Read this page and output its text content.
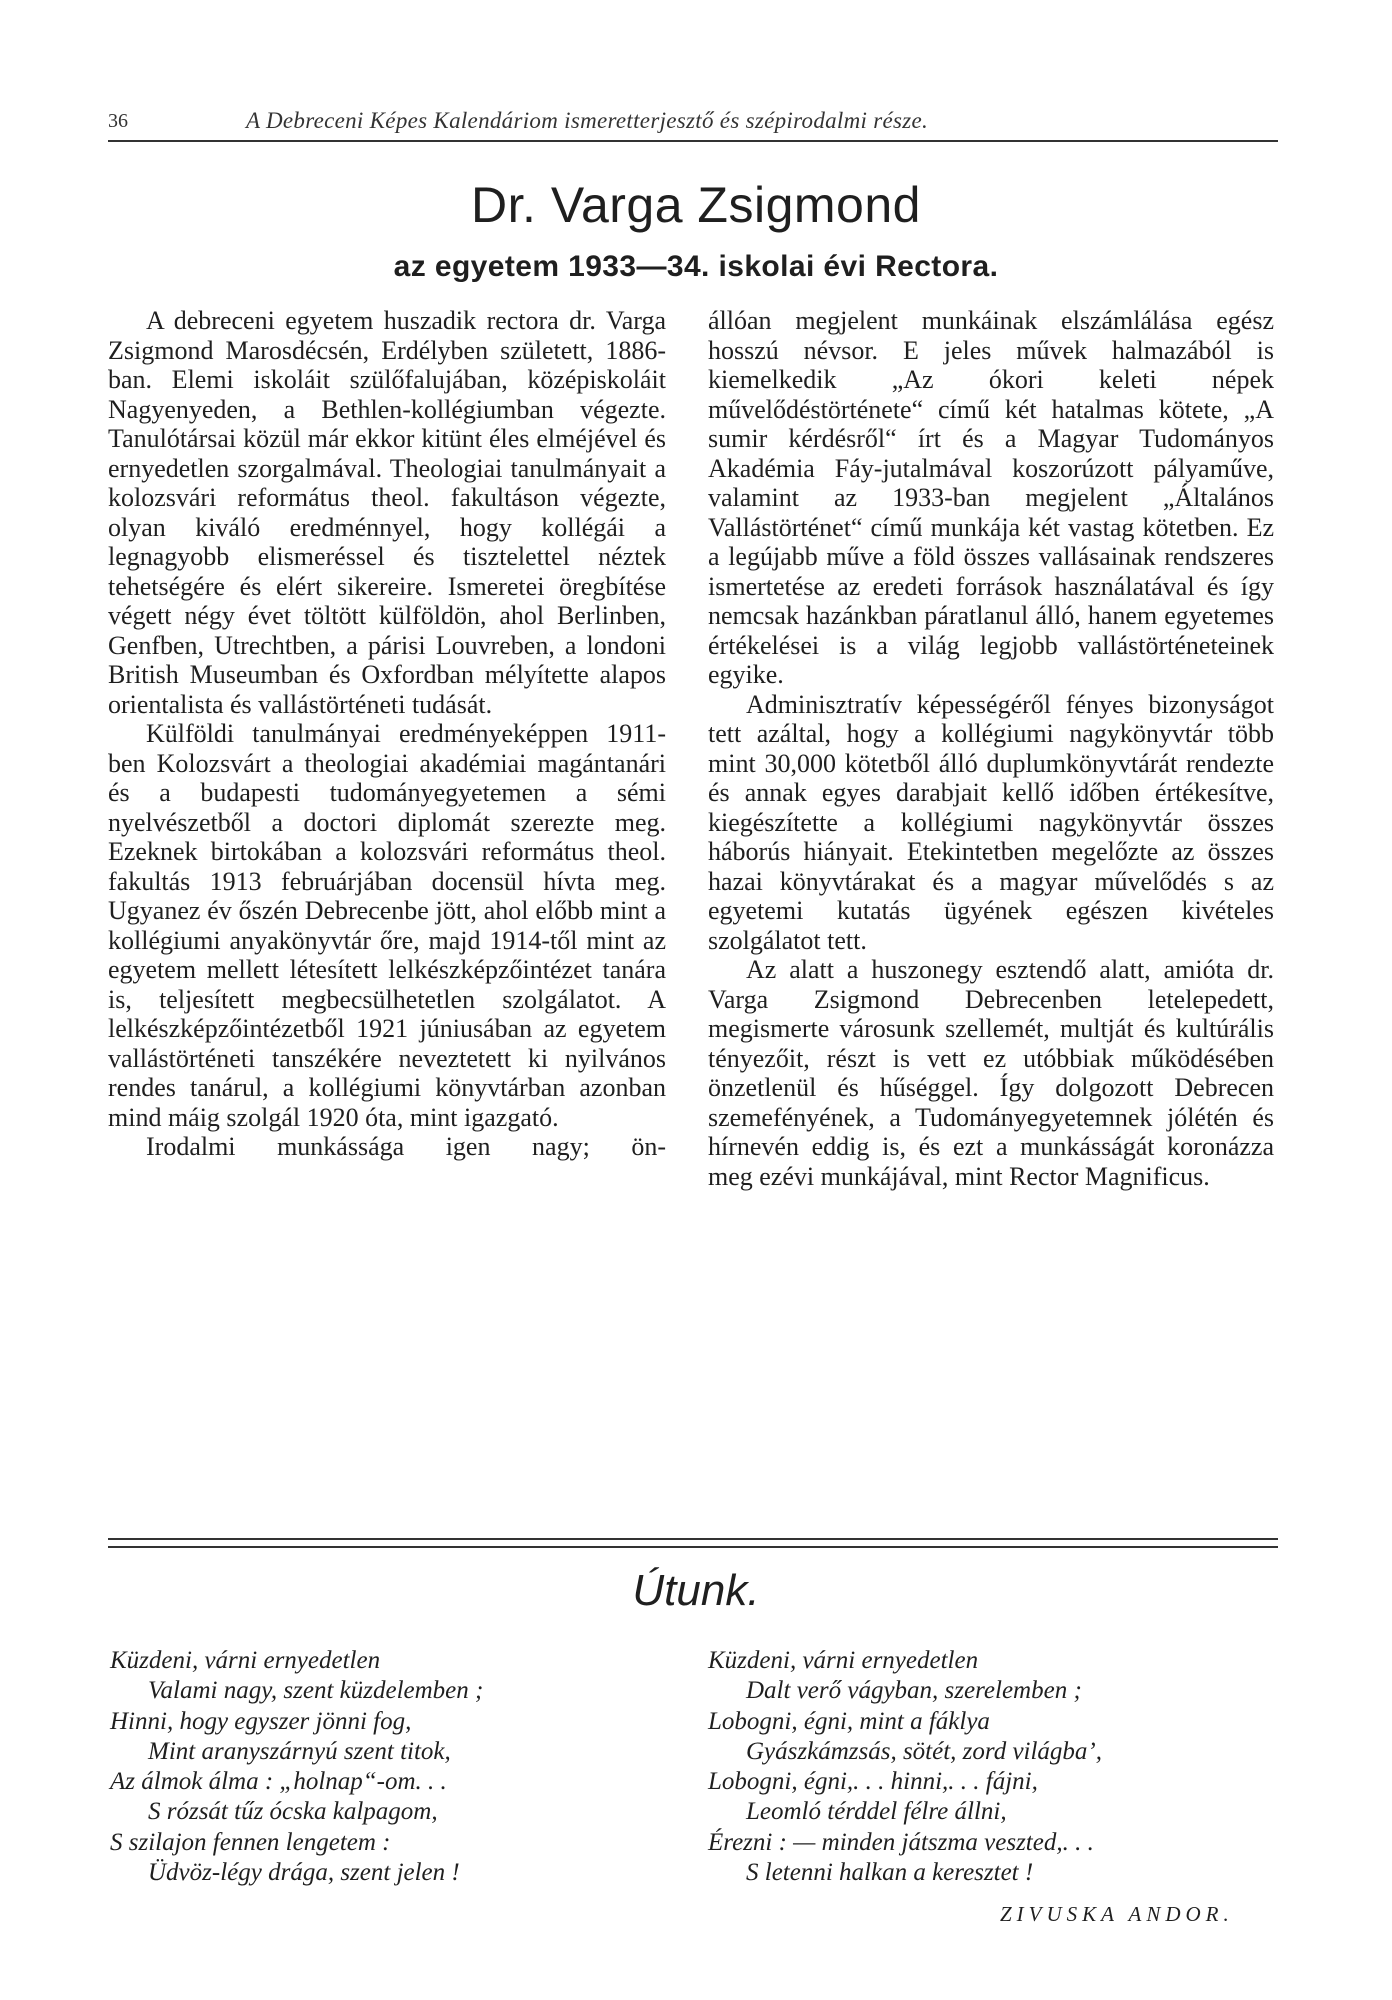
36	A Debreceni Képes Kalendáriom ismeretterjesztő és szépirodalmi része.
Dr. Varga Zsigmond
az egyetem 1933—34. iskolai évi Rectora.

A debreceni egyetem huszadik rectora dr. Varga Zsigmond Marosdécsén, Erdélyben született, 1886-ban. Elemi iskoláit szülőfalujában, középiskoláit Nagyenyeden, a Bethlen-kollégiumban végezte. Tanulótársai közül már ekkor kitünt éles elméjével és ernyedetlen szorgalmával. Theologiai tanulmányait a kolozsvári református theol. fakultáson végezte, olyan kiváló eredménnyel, hogy kollégái a legnagyobb elismeréssel és tisztelettel néztek tehetségére és elért sikereire. Ismeretei öregbítése végett négy évet töltött külföldön, ahol Berlinben, Genfben, Utrechtben, a párisi Louvreben, a londoni British Museumban és Oxfordban mélyítette alapos orientalista és vallástörténeti tudását.

Külföldi tanulmányai eredményeképpen 1911-ben Kolozsvárt a theologiai akadémiai magántanári és a budapesti tudományegyetemen a sémi nyelvészetből a doctori diplomát szerezte meg. Ezeknek birtokában a kolozsvári református theol. fakultás 1913 februárjában docensül hívta meg. Ugyanez év őszén Debrecenbe jött, ahol előbb mint a kollégiumi anyakönyvtár őre, majd 1914-től mint az egyetem mellett létesített lelkészképzőintézet tanára is, teljesített megbecsülhetetlen szolgálatot. A lelkészképzőintézetből 1921 júniusában az egyetem vallástörténeti tanszékére neveztetett ki nyilvános rendes tanárul, a kollégiumi könyvtárban azonban mind máig szolgál 1920 óta, mint igazgató.

Irodalmi munkássága igen nagy; ön-

állóan megjelent munkáinak elszámlálása egész hosszú névsor. E jeles művek halmazából is kiemelkedik „Az ókori keleti népek művelődéstörténete“ című két hatalmas kötete, „A sumir kérdésről“ írt és a Magyar Tudományos Akadémia Fáy-jutalmával koszorúzott pályaműve, valamint az 1933-ban megjelent „Általános Vallástörténet“ című munkája két vastag kötetben. Ez a legújabb műve a föld összes vallásainak rendszeres ismertetése az eredeti források használatával és így nemcsak hazánkban páratlanul álló, hanem egyetemes értékelései is a világ legjobb vallástörténeteinek egyike.

Adminisztratív képességéről fényes bizonyságot tett azáltal, hogy a kollégiumi nagykönyvtár több mint 30,000 kötetből álló duplumkönyvtárát rendezte és annak egyes darabjait kellő időben értékesítve, kiegészítette a kollégiumi nagykönyvtár összes háborús hiányait. Etekintetben megelőzte az összes hazai könyvtárakat és a magyar művelődés s az egyetemi kutatás ügyének egészen kivételes szolgálatot tett.

Az alatt a huszonegy esztendő alatt, amióta dr. Varga Zsigmond Debrecenben letelepedett, megismerte városunk szellemét, multját és kultúrális tényezőit, részt is vett ez utóbbiak működésében önzetlenül és hűséggel. Így dolgozott Debrecen szemefényének, a Tudományegyetemnek jólétén és hírnevén eddig is, és ezt a munkásságát koronázza meg ezévi munkájával, mint Rector Magnificus.

Útunk.
Küzdeni, várni ernyedetlen
Valami nagy, szent küzdelemben ;
Hinni, hogy egyszer jönni fog,
Mint aranyszárnyú szent titok,
Az álmok álma : „holnap“-om. . .
S rózsát tűz ócska kalpagom,
S szilajon fennen lengetem :
Üdvöz-légy drága, szent jelen !
Küzdeni, várni ernyedetlen
Dalt verő vágyban, szerelemben ;
Lobogni, égni, mint a fáklya
Gyászkámzsás, sötét, zord világba’,
Lobogni, égni,. . . hinni,. . . fájni,
Leomló térddel félre állni,
Érezni : — minden játszma veszted,. . .
S letenni halkan a keresztet !
ZIVUSKA ANDOR.
